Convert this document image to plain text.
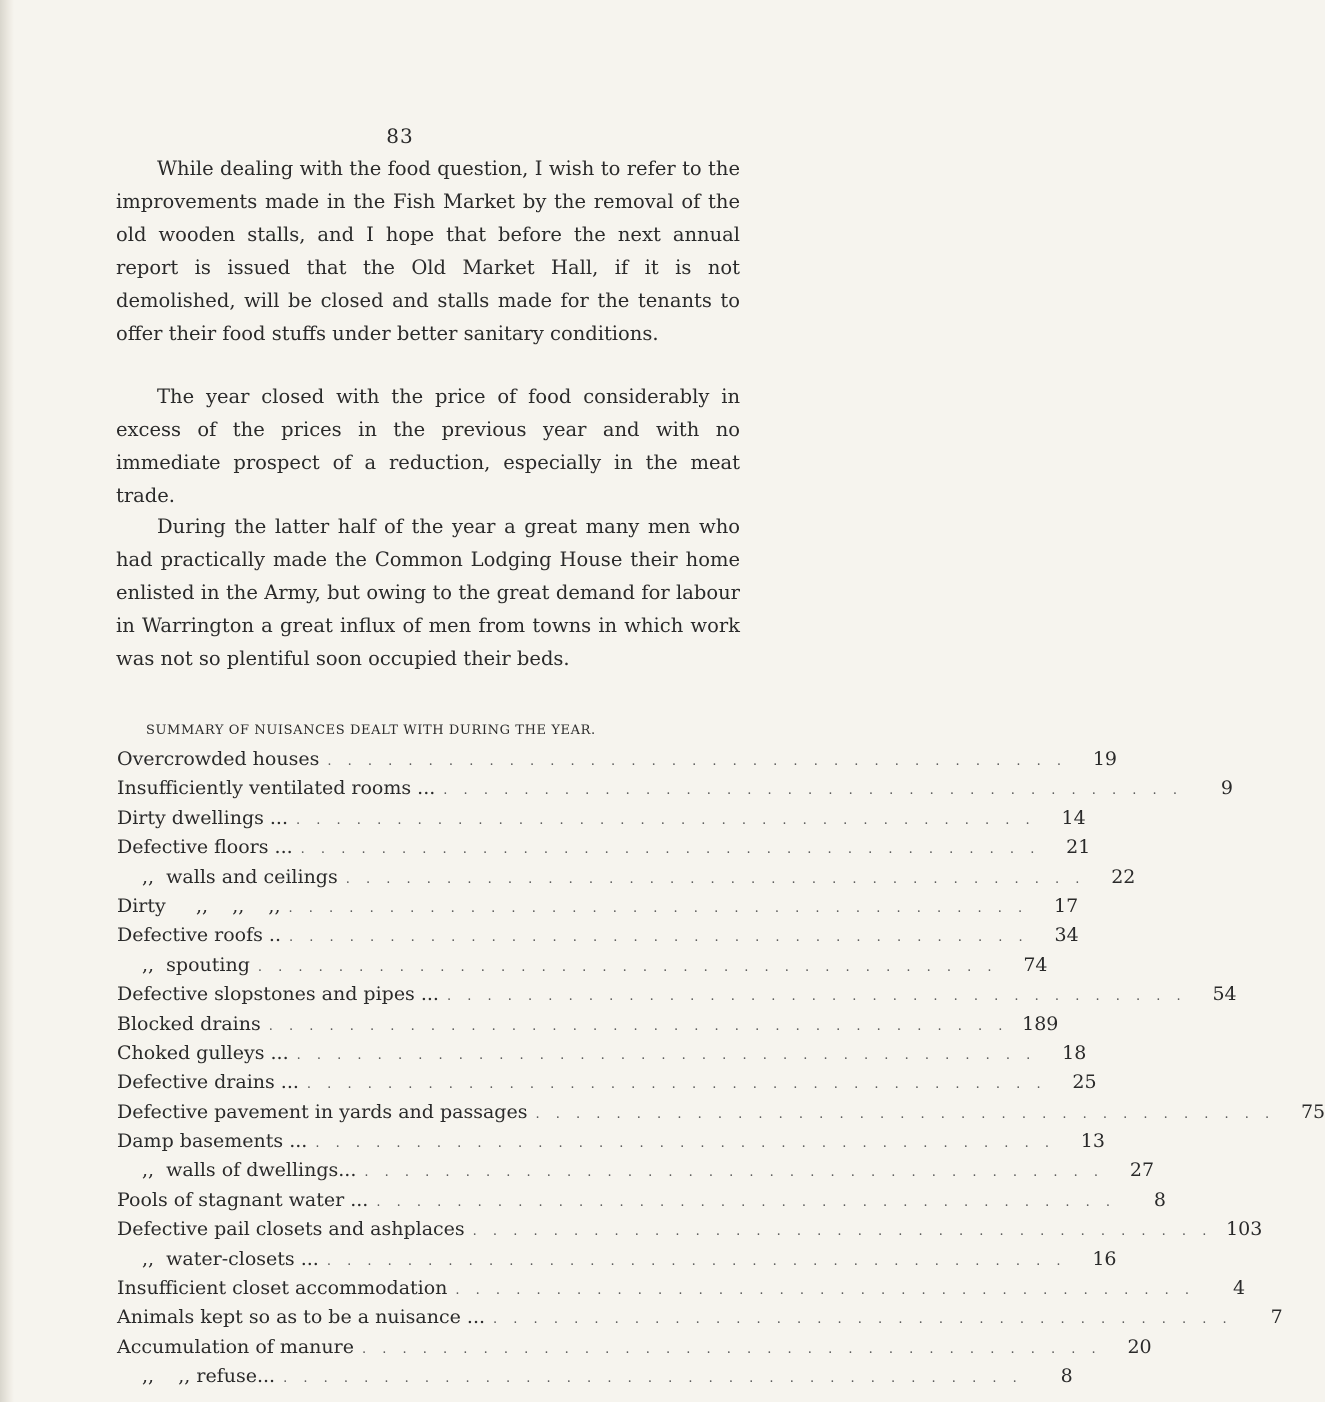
83

While dealing with the food question, I wish to refer to the improvements made in the Fish Market by the removal of the old wooden stalls, and I hope that before the next annual report is issued that the Old Market Hall, if it is not demolished, will be closed and stalls made for the tenants to offer their food stuffs under better sanitary conditions.

The year closed with the price of food considerably in excess of the prices in the previous year and with no immediate prospect of a reduction, especially in the meat trade.

During the latter half of the year a great many men who had practically made the Common Lodging House their home enlisted in the Army, but owing to the great demand for labour in Warrington a great influx of men from towns in which work was not so plentiful soon occupied their beds.

SUMMARY OF NUISANCES DEALT WITH DURING THE YEAR.
Overcrowded houses . . . . . . . . . . . . . . . . . . . . . . . . . . . . . . . . . . . . .	19
Insufficiently ventilated rooms ... . . . . . . . . . . . . . . . . . . . . . . . . . . . . . . . . . . . . .	9
Dirty dwellings ... . . . . . . . . . . . . . . . . . . . . . . . . . . . . . . . . . . . . .	14
Defective floors ... . . . . . . . . . . . . . . . . . . . . . . . . . . . . . . . . . . . . .	21
,,  walls and ceilings . . . . . . . . . . . . . . . . . . . . . . . . . . . . . . . . . . . . .	22
Dirty     ,,    ,,    ,, . . . . . . . . . . . . . . . . . . . . . . . . . . . . . . . . . . . . .	17
Defective roofs .. . . . . . . . . . . . . . . . . . . . . . . . . . . . . . . . . . . . . .	34
,,  spouting . . . . . . . . . . . . . . . . . . . . . . . . . . . . . . . . . . . . .	74
Defective slopstones and pipes ... . . . . . . . . . . . . . . . . . . . . . . . . . . . . . . . . . . . . .	54
Blocked drains . . . . . . . . . . . . . . . . . . . . . . . . . . . . . . . . . . . . . 189
Choked gulleys ... . . . . . . . . . . . . . . . . . . . . . . . . . . . . . . . . . . . . .	18
Defective drains ... . . . . . . . . . . . . . . . . . . . . . . . . . . . . . . . . . . . . .	25
Defective pavement in yards and passages . . . . . . . . . . . . . . . . . . . . . . . . . . . . . . . . . . . . .	75
Damp basements ... . . . . . . . . . . . . . . . . . . . . . . . . . . . . . . . . . . . . .	13
,,  walls of dwellings... . . . . . . . . . . . . . . . . . . . . . . . . . . . . . . . . . . . . .	27
Pools of stagnant water ... . . . . . . . . . . . . . . . . . . . . . . . . . . . . . . . . . . . . .	8
Defective pail closets and ashplaces . . . . . . . . . . . . . . . . . . . . . . . . . . . . . . . . . . . . . 103
,,  water-closets ... . . . . . . . . . . . . . . . . . . . . . . . . . . . . . . . . . . . . .	16
Insufficient closet accommodation . . . . . . . . . . . . . . . . . . . . . . . . . . . . . . . . . . . . .	4
Animals kept so as to be a nuisance ... . . . . . . . . . . . . . . . . . . . . . . . . . . . . . . . . . . . . .	7
Accumulation of manure . . . . . . . . . . . . . . . . . . . . . . . . . . . . . . . . . . . . .	20
,,    ,, refuse... . . . . . . . . . . . . . . . . . . . . . . . . . . . . . . . . . . . . .	8
